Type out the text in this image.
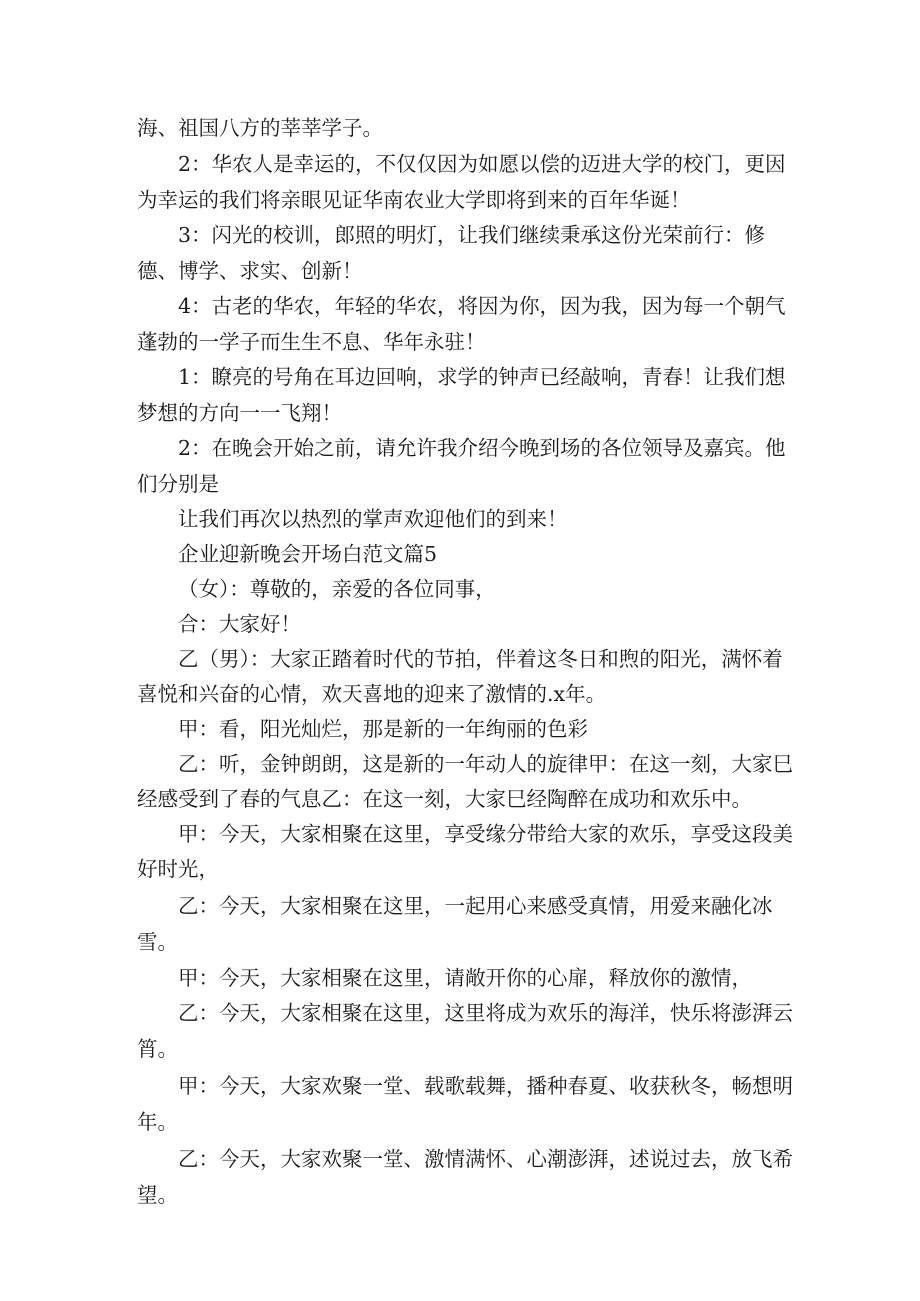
海、祖国八方的莘莘学子。
2：华农人是幸运的，不仅仅因为如愿以偿的迈进大学的校门，更因
为幸运的我们将亲眼见证华南农业大学即将到来的百年华诞！
3：闪光的校训，郎照的明灯，让我们继续秉承这份光荣前行：修
德、博学、求实、创新！
4：古老的华农，年轻的华农，将因为你，因为我，因为每一个朝气
蓬勃的一学子而生生不息、华年永驻！
1：瞭亮的号角在耳边回响，求学的钟声已经敲响，青春！让我们想
梦想的方向一一飞翔！
2：在晚会开始之前，请允许我介绍今晚到场的各位领导及嘉宾。他
们分别是
让我们再次以热烈的掌声欢迎他们的到来！
企业迎新晚会开场白范文篇5
（女）：尊敬的，亲爱的各位同事，
合：大家好！
乙（男）：大家正踏着时代的节拍，伴着这冬日和煦的阳光，满怀着
喜悦和兴奋的心情，欢天喜地的迎来了激情的.x年。
甲：看，阳光灿烂，那是新的一年绚丽的色彩
乙：听，金钟朗朗，这是新的一年动人的旋律甲：在这一刻，大家巳
经感受到了春的气息乙：在这一刻，大家巳经陶醉在成功和欢乐中。
甲：今天，大家相聚在这里，享受缘分带给大家的欢乐，享受这段美
好时光，
乙：今天，大家相聚在这里，一起用心来感受真情，用爱来融化冰
雪。
甲：今天，大家相聚在这里，请敞开你的心扉，释放你的激情，
乙：今天，大家相聚在这里，这里将成为欢乐的海洋，快乐将澎湃云
筲。
甲：今天，大家欢聚一堂、载歌载舞，播种春夏、收获秋冬，畅想明
年。
乙：今天，大家欢聚一堂、激情满怀、心潮澎湃，述说过去，放飞希
望。
